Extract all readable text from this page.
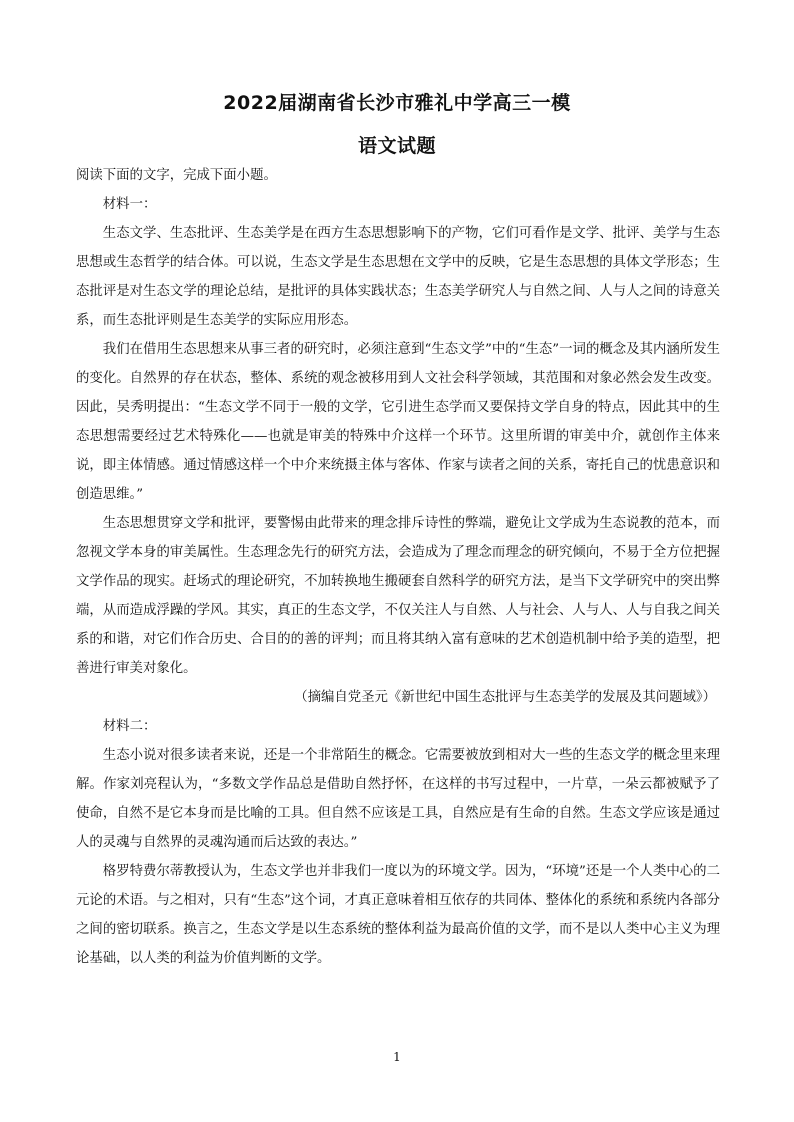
2022届湖南省长沙市雅礼中学高三一模
语文试题

阅读下面的文字，完成下面小题。

材料一：

生态文学、生态批评、生态美学是在西方生态思想影响下的产物，它们可看作是文学、批评、美学与生态思想或生态哲学的结合体。可以说，生态文学是生态思想在文学中的反映，它是生态思想的具体文学形态；生态批评是对生态文学的理论总结，是批评的具体实践状态；生态美学研究人与自然之间、人与人之间的诗意关系，而生态批评则是生态美学的实际应用形态。

我们在借用生态思想来从事三者的研究时，必须注意到“生态文学”中的“生态”一词的概念及其内涵所发生的变化。自然界的存在状态，整体、系统的观念被移用到人文社会科学领域，其范围和对象必然会发生改变。因此，吴秀明提出：“生态文学不同于一般的文学，它引进生态学而又要保持文学自身的特点，因此其中的生态思想需要经过艺术特殊化——也就是审美的特殊中介这样一个环节。这里所谓的审美中介，就创作主体来说，即主体情感。通过情感这样一个中介来统摄主体与客体、作家与读者之间的关系，寄托自己的忧患意识和创造思维。”

生态思想贯穿文学和批评，要警惕由此带来的理念排斥诗性的弊端，避免让文学成为生态说教的范本，而忽视文学本身的审美属性。生态理念先行的研究方法，会造成为了理念而理念的研究倾向，不易于全方位把握文学作品的现实。赶场式的理论研究，不加转换地生搬硬套自然科学的研究方法，是当下文学研究中的突出弊端，从而造成浮躁的学风。其实，真正的生态文学，不仅关注人与自然、人与社会、人与人、人与自我之间关系的和谐，对它们作合历史、合目的的善的评判；而且将其纳入富有意味的艺术创造机制中给予美的造型，把善进行审美对象化。

（摘编自党圣元《新世纪中国生态批评与生态美学的发展及其问题域》）

材料二：

生态小说对很多读者来说，还是一个非常陌生的概念。它需要被放到相对大一些的生态文学的概念里来理解。作家刘亮程认为，“多数文学作品总是借助自然抒怀，在这样的书写过程中，一片草，一朵云都被赋予了使命，自然不是它本身而是比喻的工具。但自然不应该是工具，自然应是有生命的自然。生态文学应该是通过人的灵魂与自然界的灵魂沟通而后达致的表达。”

格罗特费尔蒂教授认为，生态文学也并非我们一度以为的环境文学。因为，“环境”还是一个人类中心的二元论的术语。与之相对，只有“生态”这个词，才真正意味着相互依存的共同体、整体化的系统和系统内各部分之间的密切联系。换言之，生态文学是以生态系统的整体利益为最高价值的文学，而不是以人类中心主义为理论基础，以人类的利益为价值判断的文学。

1
